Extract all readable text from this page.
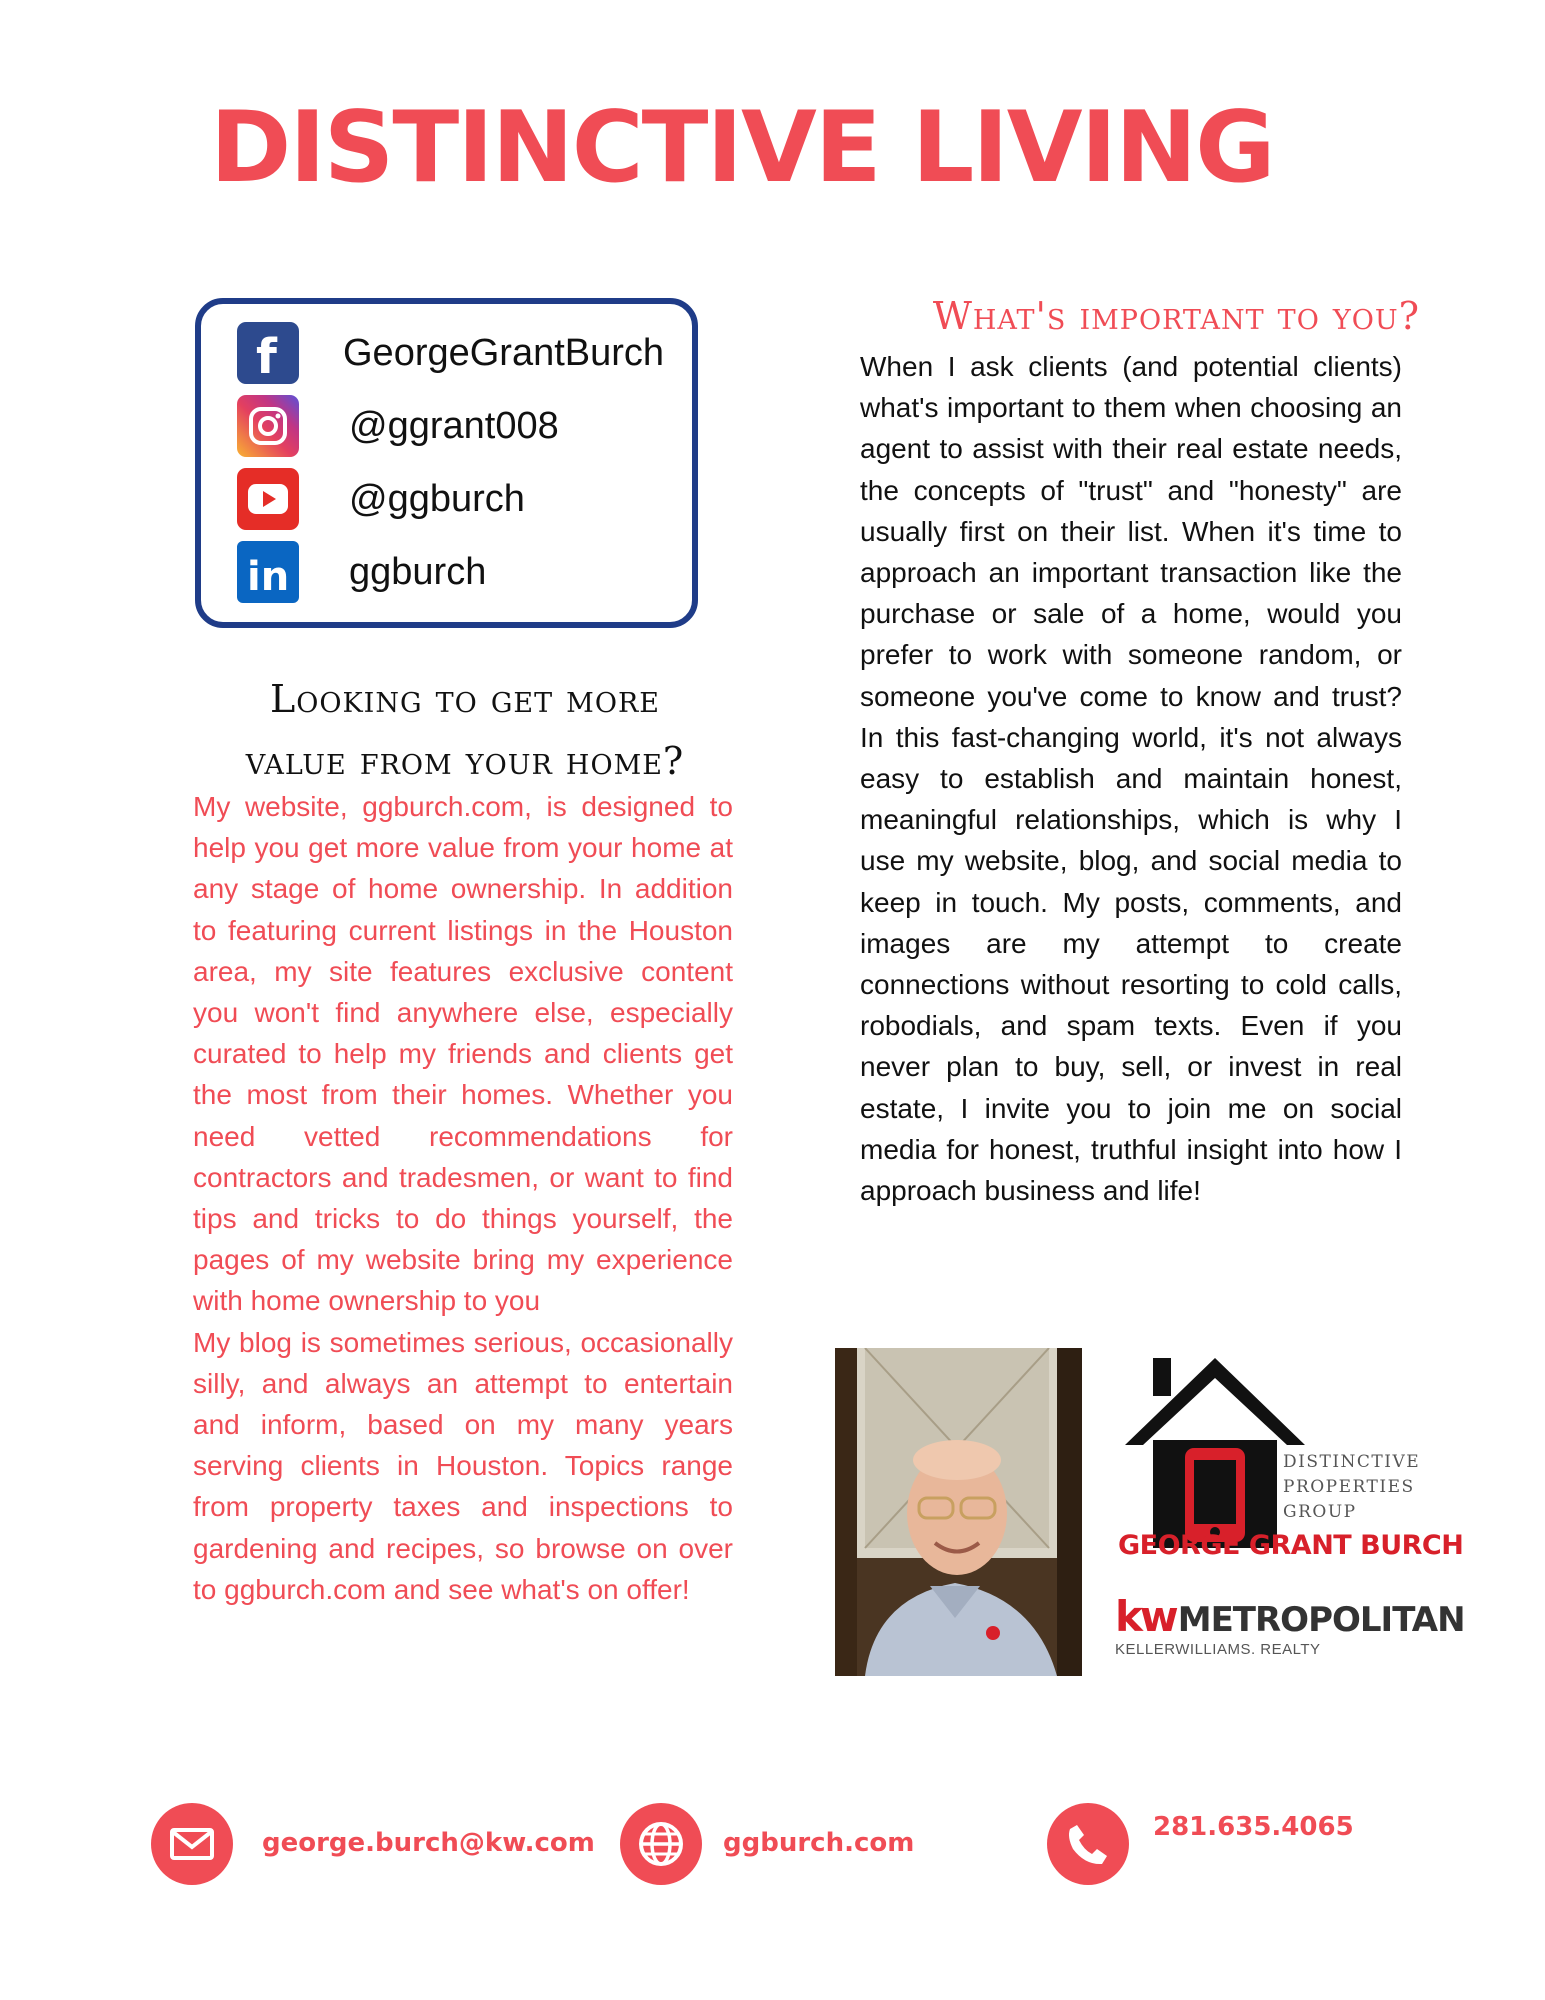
DISTINCTIVE LIVING
f GeorgeGrantBurch
@ggrant008
@ggburch
in ggburch
Looking to get more
value from your home?

My website, ggburch.com, is designed to help you get more value from your home at any stage of home ownership. In addition to featuring current listings in the Houston area, my site features exclusive content you won't find anywhere else, especially curated to help my friends and clients get the most from their homes. Whether you need vetted recommendations for contractors and tradesmen, or want to find tips and tricks to do things yourself, the pages of my website bring my experience with home ownership to you

My blog is sometimes serious, occasionally silly, and always an attempt to entertain and inform, based on my many years serving clients in Houston. Topics range from property taxes and inspections to gardening and recipes, so browse on over to ggburch.com and see what's on offer!

What's important to you?

When I ask clients (and potential clients) what's important to them when choosing an agent to assist with their real estate needs, the concepts of "trust" and "honesty" are usually first on their list. When it's time to approach an important transaction like the purchase or sale of a home, would you prefer to work with someone random, or someone you've come to know and trust? In this fast-changing world, it's not always easy to establish and maintain honest, meaningful relationships, which is why I use my website, blog, and social media to keep in touch. My posts, comments, and images are my attempt to create connections without resorting to cold calls, robodials, and spam texts. Even if you never plan to buy, sell, or invest in real estate, I invite you to join me on social media for honest, truthful insight into how I approach business and life!

DISTINCTIVE
PROPERTIES
GROUP
GEORGE GRANT BURCH
kw METROPOLITAN
KELLERWILLIAMS. REALTY
george.burch@kw.com	ggburch.com
281.635.4065
